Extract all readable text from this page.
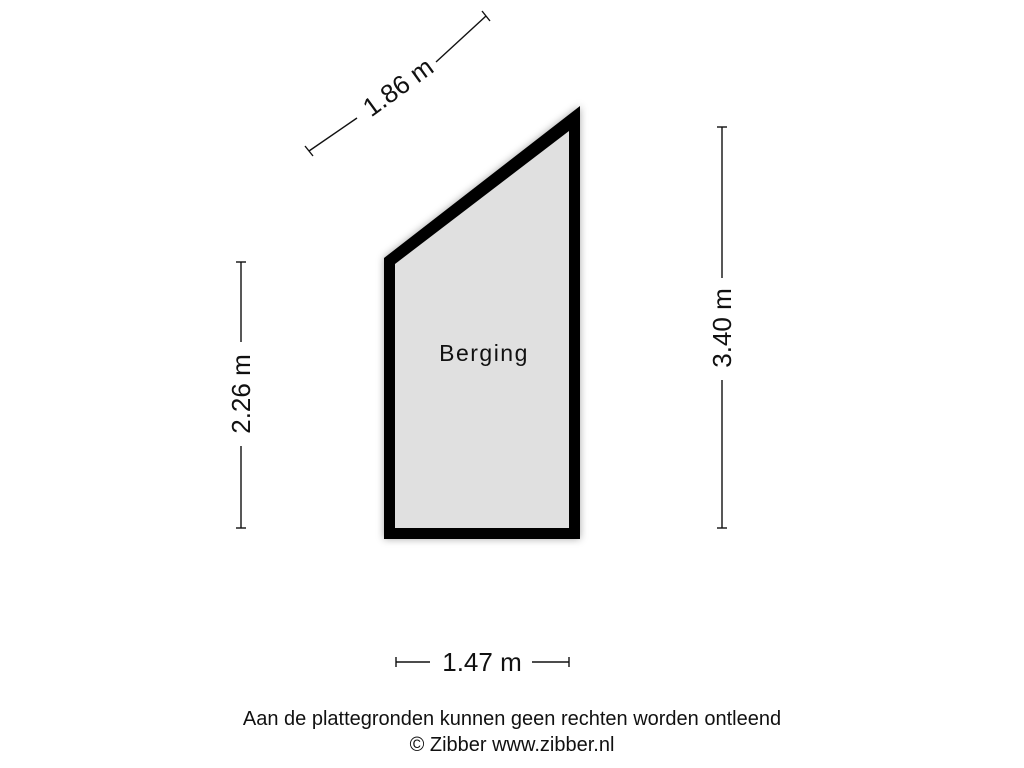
Berging
1.86 m
3.40 m
2.26 m
1.47 m
Aan de plattegronden kunnen geen rechten worden ontleend
© Zibber www.zibber.nl
